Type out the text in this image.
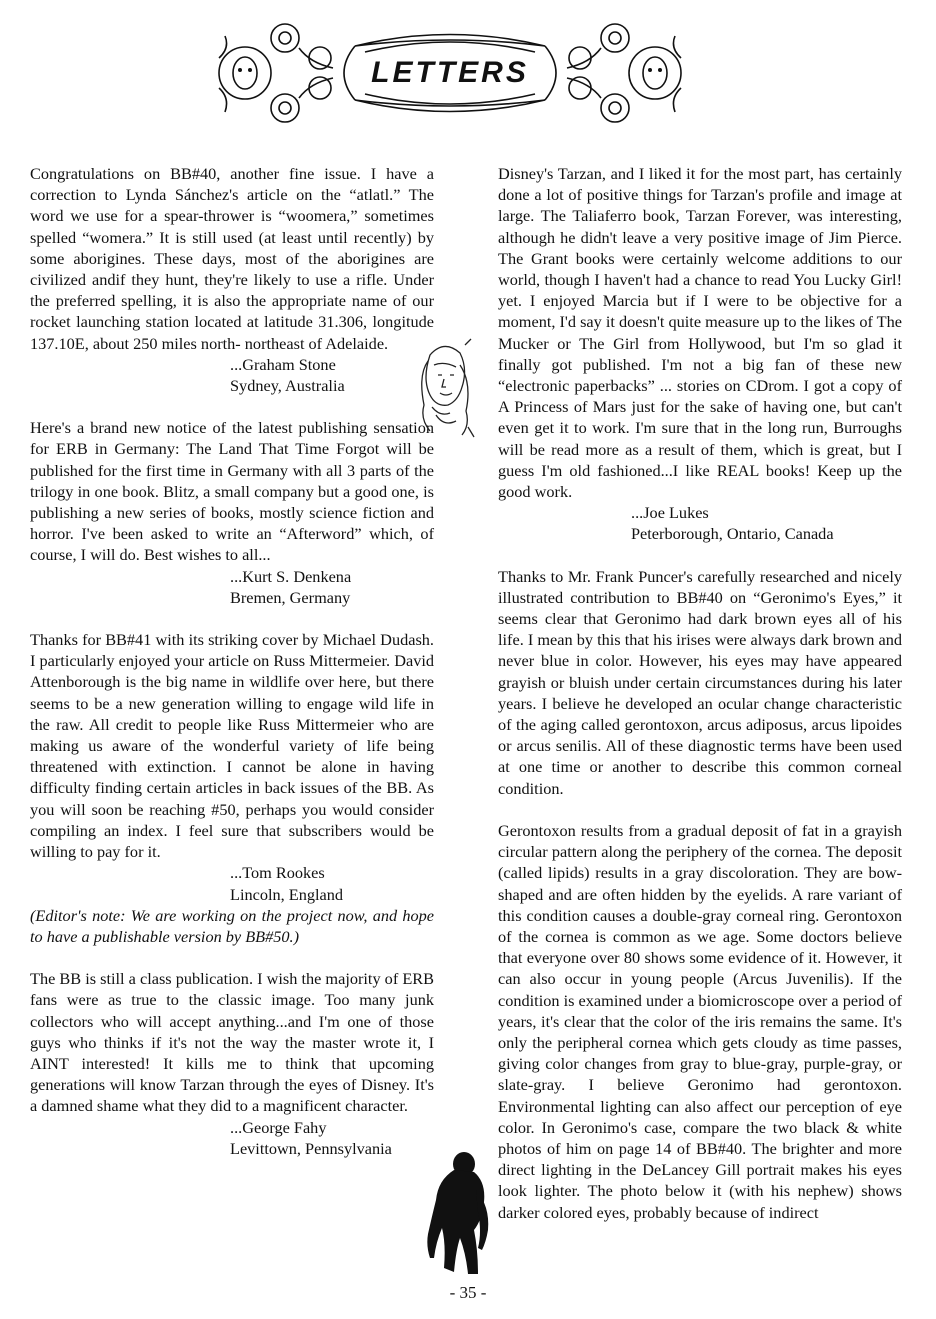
LETTERS

Congratulations on BB#40, another fine issue. I have a correction to Lynda Sánchez's article on the “atlatl.” The word we use for a spear-thrower is “woomera,” sometimes spelled “womera.” It is still used (at least until recently) by some aborigines. These days, most of the aborigines are civilized andif they hunt, they're likely to use a rifle. Under the preferred spelling, it is also the appropriate name of our rocket launching station located at latitude 31.306, longitude 137.10E, about 250 miles north- northeast of Adelaide.

...Graham Stone
Sydney, Australia

Here's a brand new notice of the latest publishing sensation for ERB in Germany: The Land That Time Forgot will be published for the first time in Germany with all 3 parts of the trilogy in one book. Blitz, a small company but a good one, is publishing a new series of books, mostly science fiction and horror. I've been asked to write an “Afterword” which, of course, I will do. Best wishes to all...

...Kurt S. Denkena
Bremen, Germany

Thanks for BB#41 with its striking cover by Michael Dudash. I particularly enjoyed your article on Russ Mittermeier. David Attenborough is the big name in wildlife over here, but there seems to be a new generation willing to engage wild life in the raw. All credit to people like Russ Mittermeier who are making us aware of the wonderful variety of life being threatened with extinction. I cannot be alone in having difficulty finding certain articles in back issues of the BB. As you will soon be reaching #50, perhaps you would consider compiling an index. I feel sure that subscribers would be willing to pay for it.

...Tom Rookes
Lincoln, England

(Editor's note: We are working on the project now, and hope to have a publishable version by BB#50.)

The BB is still a class publication. I wish the majority of ERB fans were as true to the classic image. Too many junk collectors who will accept anything...and I'm one of those guys who thinks if it's not the way the master wrote it, I AINT interested! It kills me to think that upcoming generations will know Tarzan through the eyes of Disney. It's a damned shame what they did to a magnificent character.

...George Fahy
Levittown, Pennsylvania

Disney's Tarzan, and I liked it for the most part, has certainly done a lot of positive things for Tarzan's profile and image at large. The Taliaferro book, Tarzan Forever, was interesting, although he didn't leave a very positive image of Jim Pierce. The Grant books were certainly welcome additions to our world, though I haven't had a chance to read You Lucky Girl! yet. I enjoyed Marcia but if I were to be objective for a moment, I'd say it doesn't quite measure up to the likes of The Mucker or The Girl from Hollywood, but I'm so glad it finally got published. I'm not a big fan of these new “electronic paperbacks” ... stories on CDrom. I got a copy of A Princess of Mars just for the sake of having one, but can't even get it to work. I'm sure that in the long run, Burroughs will be read more as a result of them, which is great, but I guess I'm old fashioned...I like REAL books! Keep up the good work.

...Joe Lukes
Peterborough, Ontario, Canada

Thanks to Mr. Frank Puncer's carefully researched and nicely illustrated contribution to BB#40 on “Geronimo's Eyes,” it seems clear that Geronimo had dark brown eyes all of his life. I mean by this that his irises were always dark brown and never blue in color. However, his eyes may have appeared grayish or bluish under certain circumstances during his later years. I believe he developed an ocular change characteristic of the aging called gerontoxon, arcus adiposus, arcus lipoides or arcus senilis. All of these diagnostic terms have been used at one time or another to describe this common corneal condition.

Gerontoxon results from a gradual deposit of fat in a grayish circular pattern along the periphery of the cornea. The deposit (called lipids) results in a gray discoloration. They are bow-shaped and are often hidden by the eyelids. A rare variant of this condition causes a double-gray corneal ring. Gerontoxon of the cornea is common as we age. Some doctors believe that everyone over 80 shows some evidence of it. However, it can also occur in young people (Arcus Juvenilis). If the condition is examined under a biomicroscope over a period of years, it's clear that the color of the iris remains the same. It's only the peripheral cornea which gets cloudy as time passes, giving color changes from gray to blue-gray, purple-gray, or slate-gray. I believe Geronimo had gerontoxon. Environmental lighting can also affect our perception of eye color. In Geronimo's case, compare the two black & white photos of him on page 14 of BB#40. The brighter and more direct lighting in the DeLancey Gill portrait makes his eyes look lighter. The photo below it (with his nephew) shows darker colored eyes, probably because of indirect

- 35 -
